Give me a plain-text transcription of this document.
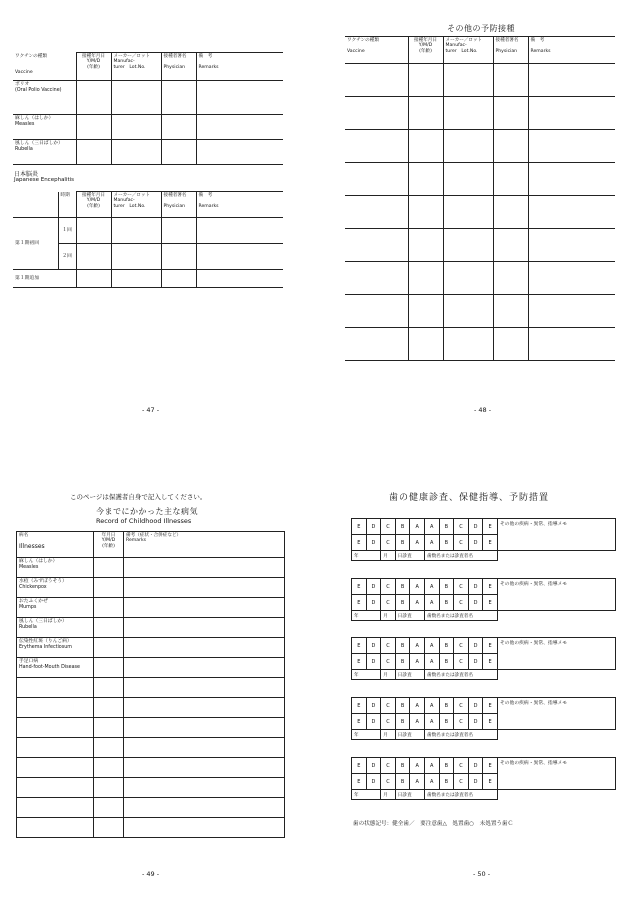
ワクチンの種類

Vaccine	接種年月日
Y/M/D
(年齢)	メーカー／ロット
Manufac-
turer　 Lot.No.	接種者署名

Physician	備　考

Remarks
ポリオ
(Oral Polio Vaccine)				
麻しん（はしか）
Measles				
風しん（三日ばしか）
Rubella				
日本脳炎
Japanese Encephalitis
	時期	接種年月日
Y/M/D
(年齢)	メーカー／ロット
Manufac-
turer　 Lot.No.	接種者署名

Physician	備　考

Remarks
第１期初回	１回				
	２回				
第１期追加					
- 47 -
その他の予防接種
ワクチンの種類

Vaccine	接種年月日
Y/M/D
(年齢)	メーカー／ロット
Manufac-
turer　 Lot.No.	接種者署名

Physician	備　考

Remarks

- 48 -
このページは保護者自身で記入してください。
今までにかかった主な病気
Record of Childhood Illnesses
病名

Illnesses	年月日
Y/M/D
(年齢)	備考（症状・合併症など）
Remarks
麻しん（はしか）
Measles		
水痘（みずぼうそう）
Chickenpox		
おたふくかぜ
Mumps		
風しん（三日ばしか）
Rubella		
伝染性紅斑（りんご病）
Erythema Infectiosum		
手足口病
Hand-foot-Mouth Disease		

- 49 -
歯の健康診査、保健指導、予防措置
E	D	C	B	A	A	B	C	D	E	その他の疾病・異常、指導メモ
E	D	C	B	A	A	B	C	D	E	
年		月	日診査		歯数名または診査者名					
E	D	C	B	A	A	B	C	D	E	その他の疾病・異常、指導メモ
E	D	C	B	A	A	B	C	D	E	
年		月	日診査		歯数名または診査者名					
E	D	C	B	A	A	B	C	D	E	その他の疾病・異常、指導メモ
E	D	C	B	A	A	B	C	D	E	
年		月	日診査		歯数名または診査者名					
E	D	C	B	A	A	B	C	D	E	その他の疾病・異常、指導メモ
E	D	C	B	A	A	B	C	D	E	
年		月	日診査		歯数名または診査者名					
E	D	C	B	A	A	B	C	D	E	その他の疾病・異常、指導メモ
E	D	C	B	A	A	B	C	D	E	
年		月	日診査		歯数名または診査者名					
歯の状態記号：健全歯／　要注意歯△　処置歯○　未処置う歯Ｃ
- 50 -
